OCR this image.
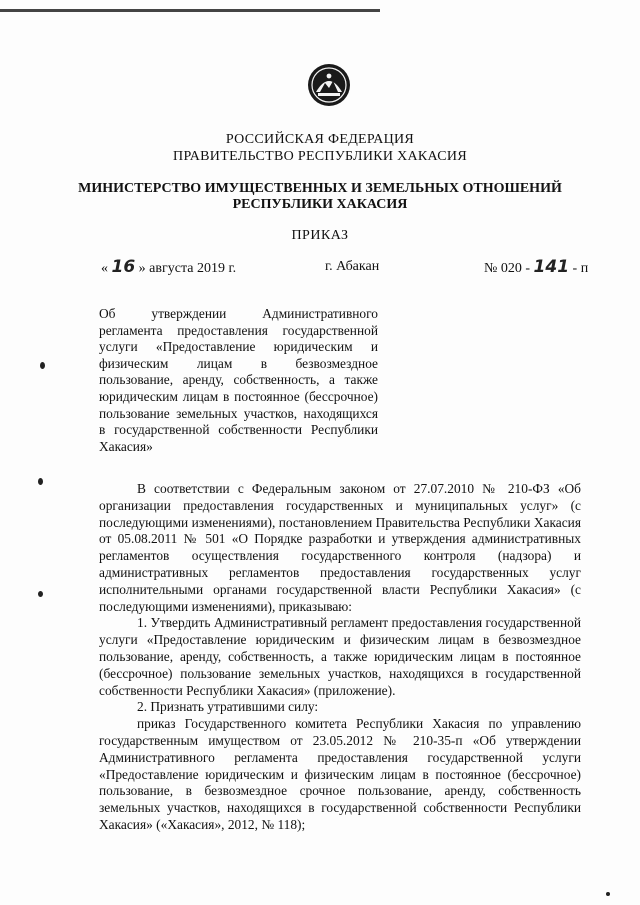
РОССИЙСКАЯ ФЕДЕРАЦИЯ
ПРАВИТЕЛЬСТВО РЕСПУБЛИКИ ХАКАСИЯ
МИНИСТЕРСТВО ИМУЩЕСТВЕННЫХ И ЗЕМЕЛЬНЫХ ОТНОШЕНИЙ
РЕСПУБЛИКИ ХАКАСИЯ
ПРИКАЗ
« 16 » августа 2019 г.	г. Абакан	№ 020 - 141 - п
Об утверждении Административного
регламента предоставления государственной
услуги «Предоставление юридическим и
физическим лицам в безвозмездное
пользование, аренду, собственность, а также
юридическим лицам в постоянное (бессрочное)
пользование земельных участков, находящихся
в государственной собственности Республики
Хакасия»

В соответствии с Федеральным законом от 27.07.2010 № 210-ФЗ «Об организации предоставления государственных и муниципальных услуг» (с последующими изменениями), постановлением Правительства Республики Хакасия от 05.08.2011 № 501 «О Порядке разработки и утверждения административных регламентов осуществления государственного контроля (надзора) и административных регламентов предоставления государственных услуг исполнительными органами государственной власти Республики Хакасия» (с последующими изменениями), приказываю:

1. Утвердить Административный регламент предоставления государственной услуги «Предоставление юридическим и физическим лицам в безвозмездное пользование, аренду, собственность, а также юридическим лицам в постоянное (бессрочное) пользование земельных участков, находящихся в государственной собственности Республики Хакасия» (приложение).

2. Признать утратившими силу:

приказ Государственного комитета Республики Хакасия по управлению государственным имуществом от 23.05.2012 № 210-35-п «Об утверждении Административного регламента предоставления государственной услуги «Предоставление юридическим и физическим лицам в постоянное (бессрочное) пользование, в безвозмездное срочное пользование, аренду, собственность земельных участков, находящихся в государственной собственности Республики Хакасия» («Хакасия», 2012, № 118);
